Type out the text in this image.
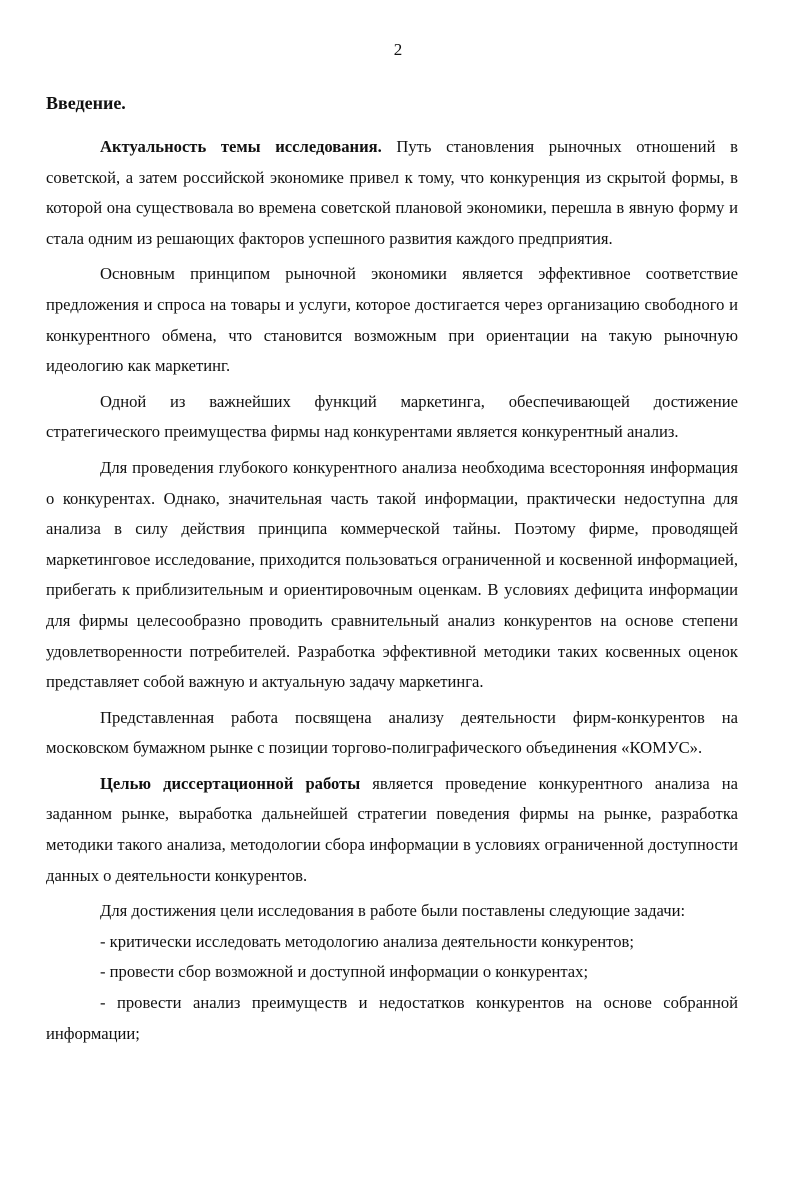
2
Введение.

Актуальность темы исследования. Путь становления рыночных отношений в советской, а затем российской экономике привел к тому, что конкуренция из скрытой формы, в которой она существовала во времена советской плановой экономики, перешла в явную форму и стала одним из решающих факторов успешного развития каждого предприятия.

Основным принципом рыночной экономики является эффективное соответствие предложения и спроса на товары и услуги, которое достигается через организацию свободного и конкурентного обмена, что становится возможным при ориентации на такую рыночную идеологию как маркетинг.

Одной из важнейших функций маркетинга, обеспечивающей достижение стратегического преимущества фирмы над конкурентами является конкурентный анализ.

Для проведения глубокого конкурентного анализа необходима всесторонняя информация о конкурентах. Однако, значительная часть такой информации, практически недоступна для анализа в силу действия принципа коммерческой тайны. Поэтому фирме, проводящей маркетинговое исследование, приходится пользоваться ограниченной и косвенной информацией, прибегать к приблизительным и ориентировочным оценкам. В условиях дефицита информации для фирмы целесообразно проводить сравнительный анализ конкурентов на основе степени удовлетворенности потребителей. Разработка эффективной методики таких косвенных оценок представляет собой важную и актуальную задачу маркетинга.

Представленная работа посвящена анализу деятельности фирм-конкурентов на московском бумажном рынке с позиции торгово-полиграфического объединения «КОМУС».

Целью диссертационной работы является проведение конкурентного анализа на заданном рынке, выработка дальнейшей стратегии поведения фирмы на рынке, разработка методики такого анализа, методологии сбора информации в условиях ограниченной доступности данных о деятельности конкурентов.

Для достижения цели исследования в работе были поставлены следующие задачи:

- критически исследовать методологию анализа деятельности конкурентов;

- провести сбор возможной и доступной информации о конкурентах;

- провести анализ преимуществ и недостатков конкурентов на основе собранной информации;
